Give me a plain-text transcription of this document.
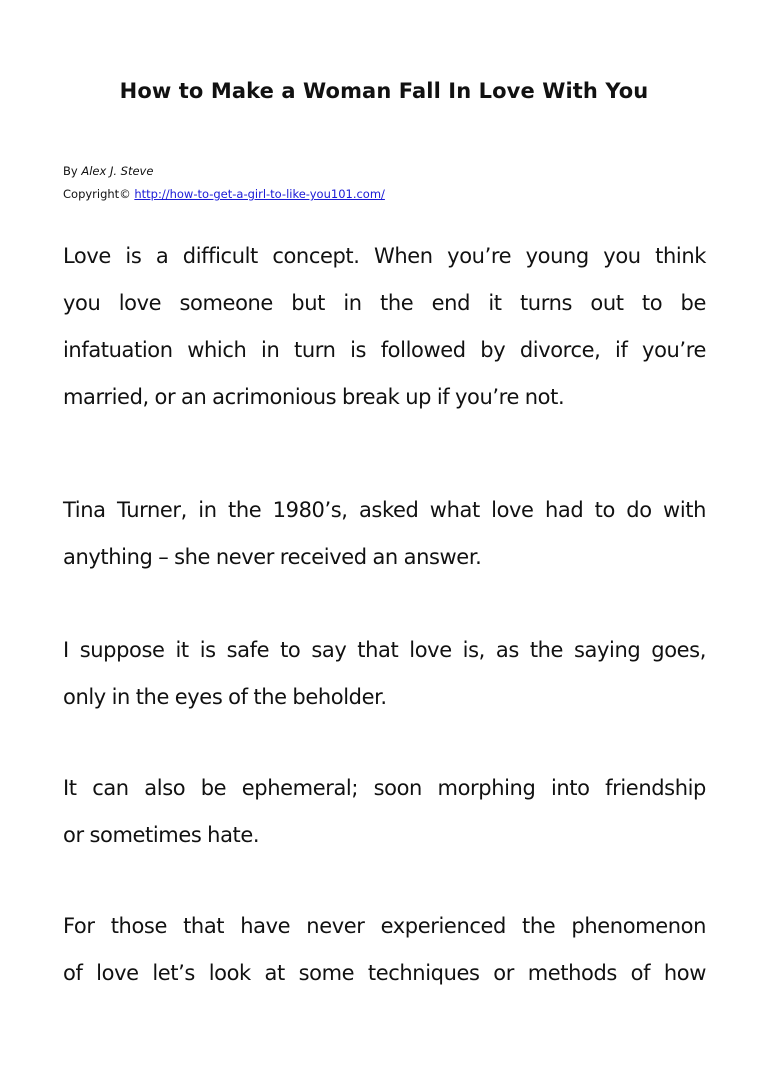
How to Make a Woman Fall In Love With You
By Alex J. Steve
Copyright© http://how-to-get-a-girl-to-like-you101.com/
Love is a difficult concept. When you’re young you think
you love someone but in the end it turns out to be
infatuation which in turn is followed by divorce, if you’re
married, or an acrimonious break up if you’re not.
Tina Turner, in the 1980’s, asked what love had to do with
anything – she never received an answer.
I suppose it is safe to say that love is, as the saying goes,
only in the eyes of the beholder.
It can also be ephemeral; soon morphing into friendship
or sometimes hate.
For those that have never experienced the phenomenon
of love let’s look at some techniques or methods of how
